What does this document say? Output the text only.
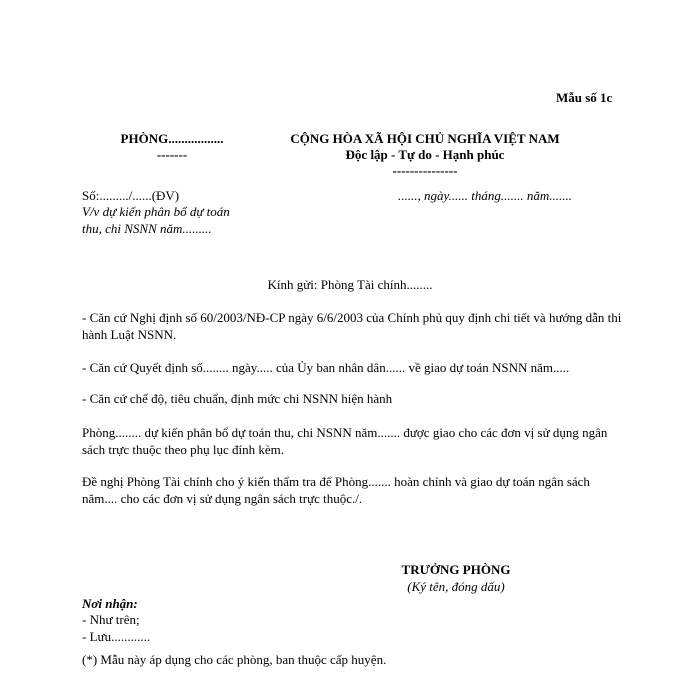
Mẫu số 1c
PHÒNG.................
-------
CỘNG HÒA XÃ HỘI CHỦ NGHĨA VIỆT NAM
Độc lập - Tự do - Hạnh phúc
---------------
Số:........./......(ĐV)
V/v dự kiến phân bổ dự toán
thu, chi NSNN năm.........
......, ngày...... tháng....... năm.......
Kính gửi: Phòng Tài chính........
- Căn cứ Nghị định số 60/2003/NĐ-CP ngày 6/6/2003 của Chính phủ quy định chi tiết và hướng dẫn thi hành Luật NSNN.
- Căn cứ Quyết định số........ ngày..... của Ủy ban nhân dân...... về giao dự toán NSNN năm.....
- Căn cứ chế độ, tiêu chuẩn, định mức chi NSNN hiện hành
Phòng........ dự kiến phân bổ dự toán thu, chi NSNN năm....... được giao cho các đơn vị sử dụng ngân sách trực thuộc theo phụ lục đính kèm.
Đề nghị Phòng Tài chính cho ý kiến thẩm tra để Phòng....... hoàn chỉnh và giao dự toán ngân sách năm.... cho các đơn vị sử dụng ngân sách trực thuộc./.
TRƯỞNG PHÒNG
(Ký tên, đóng dấu)
Nơi nhận:
- Như trên;
- Lưu............
(*) Mẫu này áp dụng cho các phòng, ban thuộc cấp huyện.
